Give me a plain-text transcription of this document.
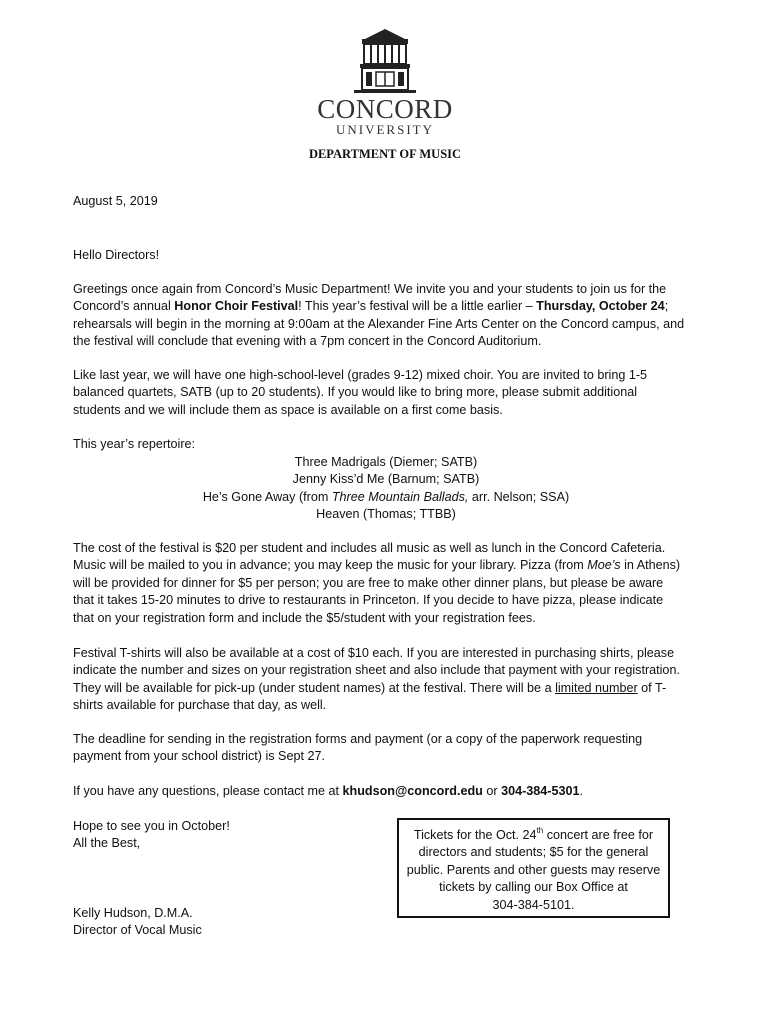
CONCORD
UNIVERSITY
DEPARTMENT OF MUSIC
August 5, 2019
Hello Directors!

Greetings once again from Concord’s Music Department! We invite you and your students to join us for the

Concord’s annual Honor Choir Festival! This year’s festival will be a little earlier – Thursday, October 24;

rehearsals will begin in the morning at 9:00am at the Alexander Fine Arts Center on the Concord campus, and

the festival will conclude that evening with a 7pm concert in the Concord Auditorium.

Like last year, we will have one high-school-level (grades 9-12) mixed choir. You are invited to bring 1-5

balanced quartets, SATB (up to 20 students). If you would like to bring more, please submit additional

students and we will include them as space is available on a first come basis.

This year’s repertoire:

Three Madrigals (Diemer; SATB)

Jenny Kiss’d Me (Barnum; SATB)

He’s Gone Away (from Three Mountain Ballads, arr. Nelson; SSA)

Heaven (Thomas; TTBB)

The cost of the festival is $20 per student and includes all music as well as lunch in the Concord Cafeteria.

Music will be mailed to you in advance; you may keep the music for your library. Pizza (from Moe’s in Athens)

will be provided for dinner for $5 per person; you are free to make other dinner plans, but please be aware

that it takes 15-20 minutes to drive to restaurants in Princeton. If you decide to have pizza, please indicate

that on your registration form and include the $5/student with your registration fees.

Festival T-shirts will also be available at a cost of $10 each. If you are interested in purchasing shirts, please

indicate the number and sizes on your registration sheet and also include that payment with your registration.

They will be available for pick-up (under student names) at the festival. There will be a limited number of T-

shirts available for purchase that day, as well.

The deadline for sending in the registration forms and payment (or a copy of the paperwork requesting

payment from your school district) is Sept 27.

If you have any questions, please contact me at khudson@concord.edu or 304-384-5301.

Hope to see you in October!

All the Best,

Kelly Hudson, D.M.A.

Director of Vocal Music

Tickets for the Oct. 24th concert are free for
directors and students; $5 for the general
public. Parents and other guests may reserve
tickets by calling our Box Office at
304-384-5101.
